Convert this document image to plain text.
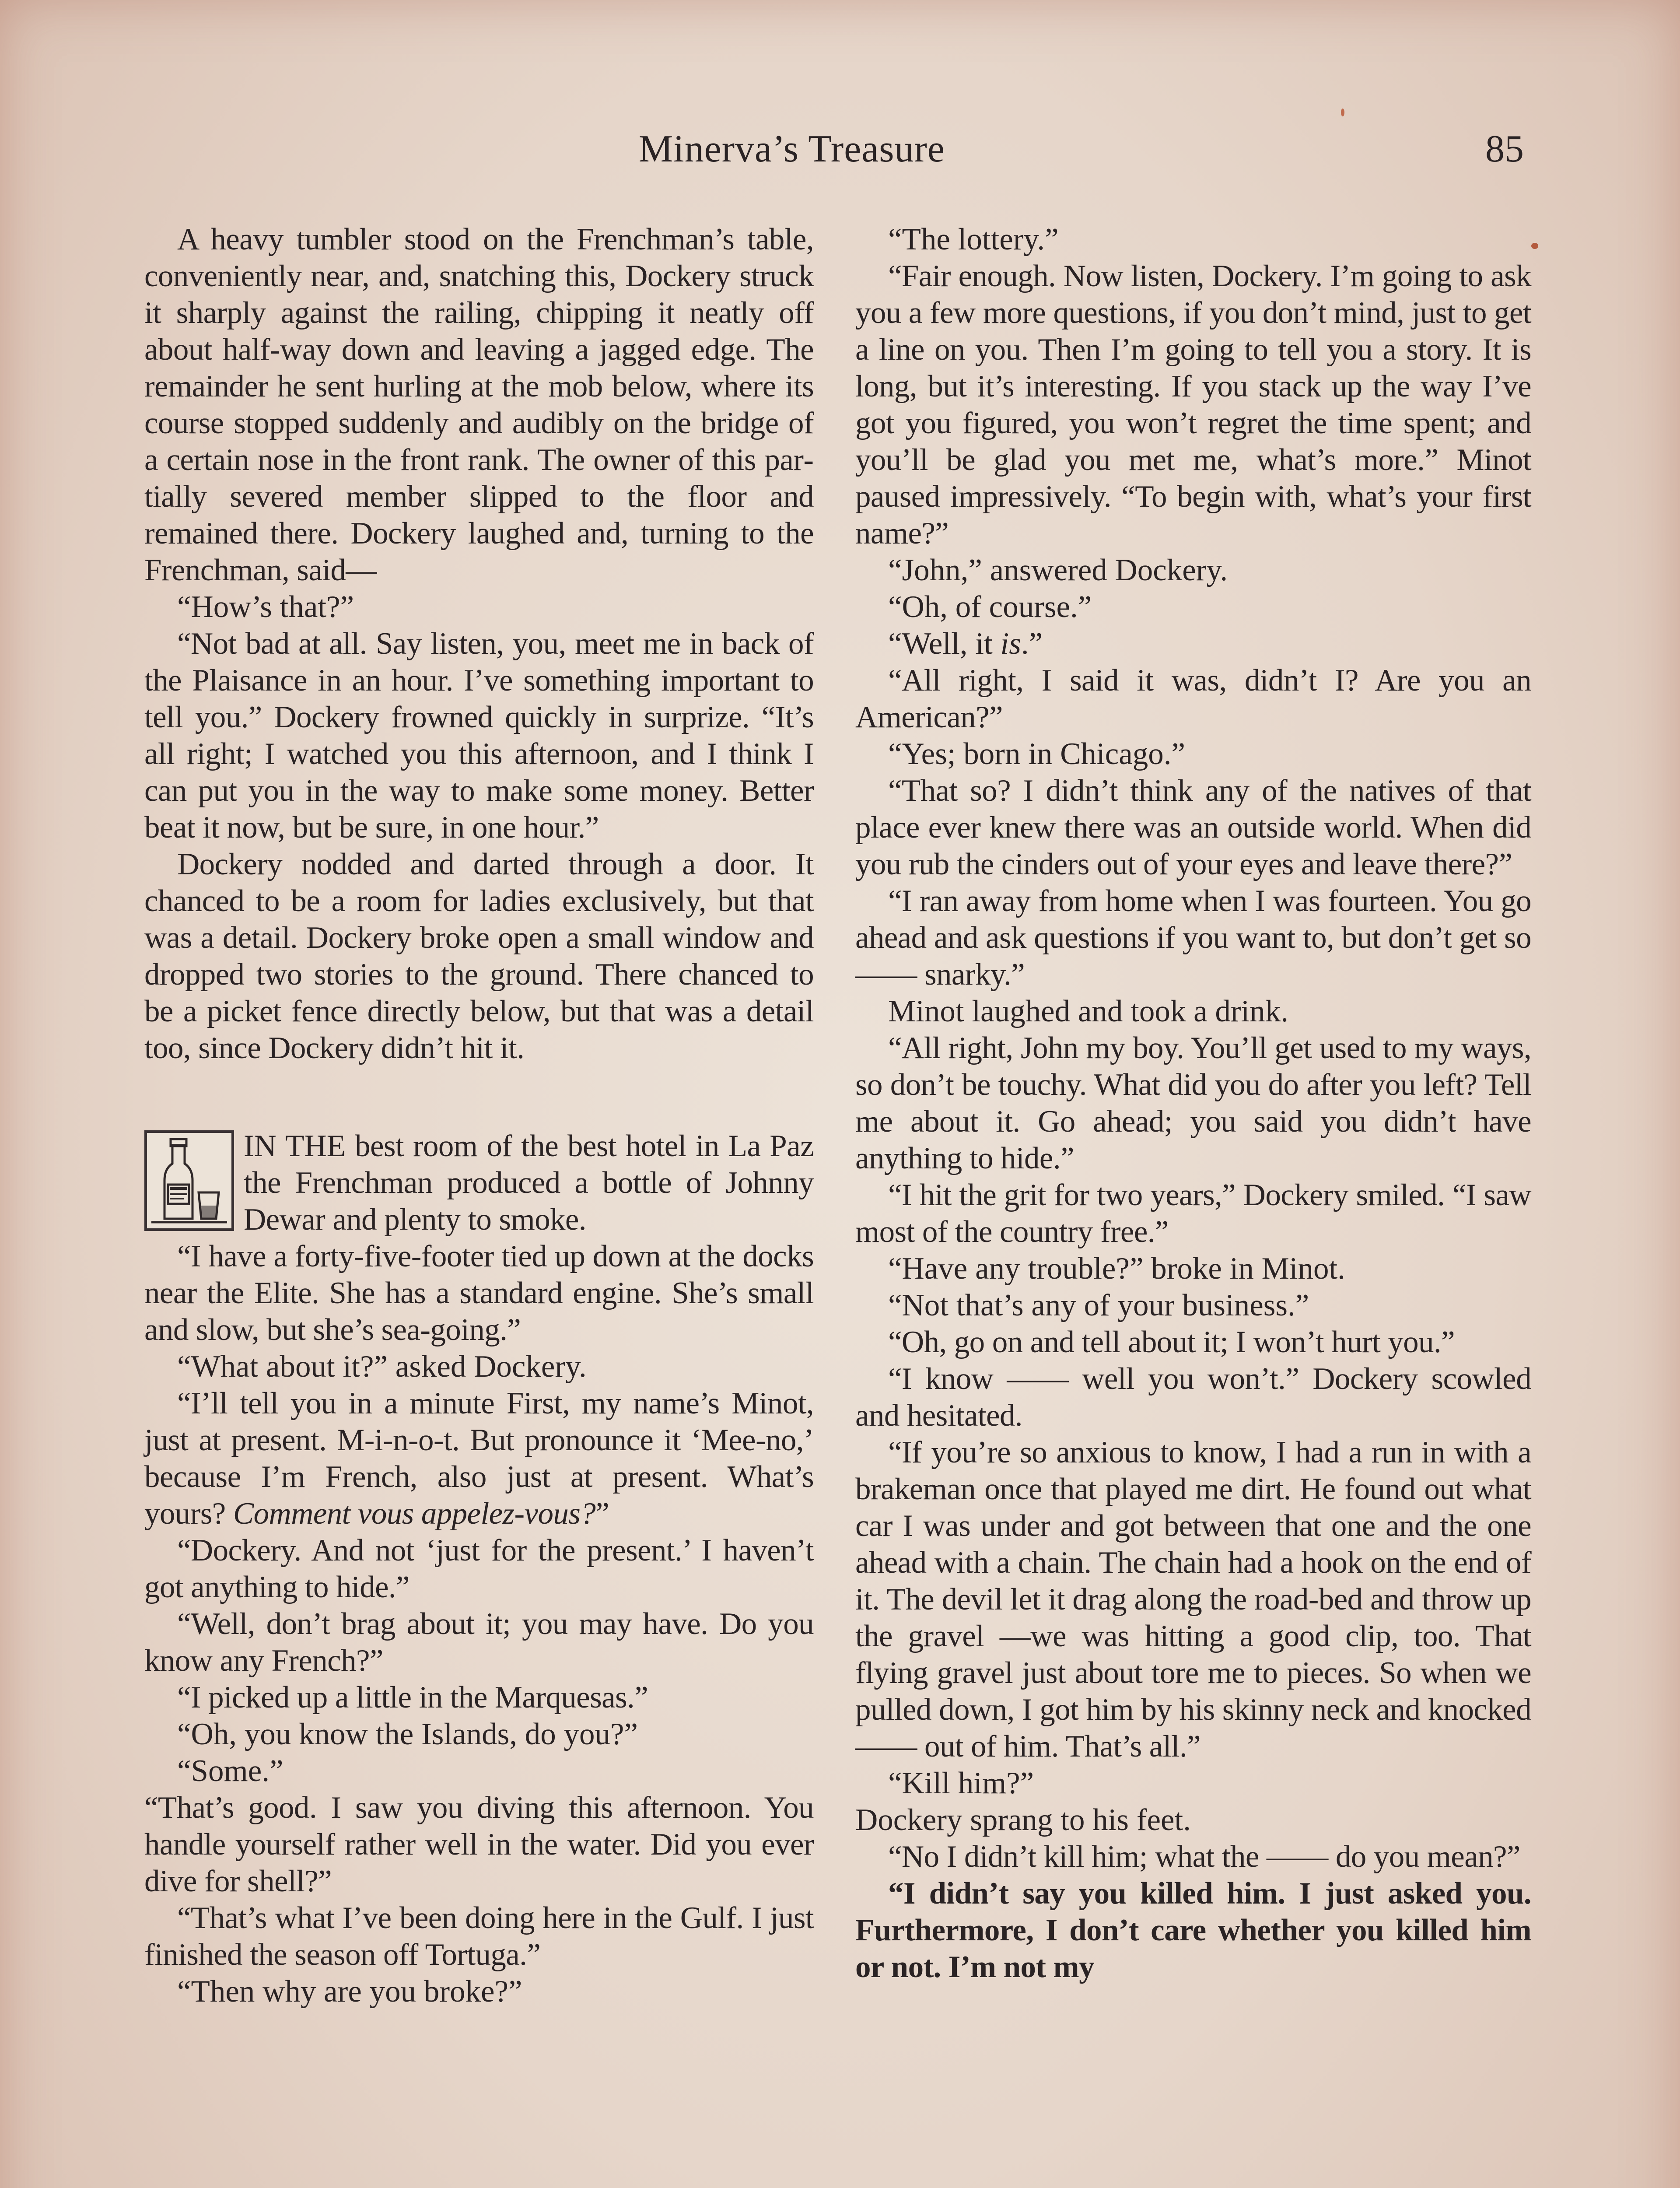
Minerva’s Treasure	85

A heavy tumbler stood on the Frenchman’s table, conveniently near, and, snatching this, Dockery struck it sharply against the railing, chipping it neatly off about half-way down and leaving a jagged edge. The remainder he sent hurling at the mob below, where its course stopped suddenly and audibly on the bridge of a certain nose in the front rank. The owner of this partially severed member slipped to the floor and remained there. Dockery laughed and, turning to the Frenchman, said—

“How’s that?”

“Not bad at all. Say listen, you, meet me in back of the Plaisance in an hour. I’ve something important to tell you.” Dockery frowned quickly in surprize. “It’s all right; I watched you this afternoon, and I think I can put you in the way to make some money. Better beat it now, but be sure, in one hour.”

Dockery nodded and darted through a door. It chanced to be a room for ladies exclusively, but that was a detail. Dockery broke open a small window and dropped two stories to the ground. There chanced to be a picket fence directly below, but that was a detail too, since Dockery didn’t hit it.

IN THE best room of the best hotel in La Paz the Frenchman produced a bottle of Johnny Dewar and plenty to smoke.

“I have a forty-five-footer tied up down at the docks near the Elite. She has a standard engine. She’s small and slow, but she’s sea-going.”

“What about it?” asked Dockery.

“I’ll tell you in a minute First, my name’s Minot, just at present. M-i-n-o-t. But pronounce it ‘Mee-no,’ because I’m French, also just at present. What’s yours? Comment vous appelez-vous?”

“Dockery. And not ‘just for the present.’ I haven’t got anything to hide.”

“Well, don’t brag about it; you may have. Do you know any French?”

“I picked up a little in the Marquesas.”

“Oh, you know the Islands, do you?”

“Some.”

“That’s good. I saw you diving this afternoon. You handle yourself rather well in the water. Did you ever dive for shell?”

“That’s what I’ve been doing here in the Gulf. I just finished the season off Tortuga.”

“Then why are you broke?”

“The lottery.”

“Fair enough. Now listen, Dockery. I’m going to ask you a few more questions, if you don’t mind, just to get a line on you. Then I’m going to tell you a story. It is long, but it’s interesting. If you stack up the way I’ve got you figured, you won’t regret the time spent; and you’ll be glad you met me, what’s more.” Minot paused impressively. “To begin with, what’s your first name?”

“John,” answered Dockery.

“Oh, of course.”

“Well, it is.”

“All right, I said it was, didn’t I? Are you an American?”

“Yes; born in Chicago.”

“That so? I didn’t think any of the natives of that place ever knew there was an outside world. When did you rub the cinders out of your eyes and leave there?”

“I ran away from home when I was fourteen. You go ahead and ask questions if you want to, but don’t get so —— snarky.”

Minot laughed and took a drink.

“All right, John my boy. You’ll get used to my ways, so don’t be touchy. What did you do after you left? Tell me about it. Go ahead; you said you didn’t have anything to hide.”

“I hit the grit for two years,” Dockery smiled. “I saw most of the country free.”

“Have any trouble?” broke in Minot.

“Not that’s any of your business.”

“Oh, go on and tell about it; I won’t hurt you.”

“I know —— well you won’t.” Dockery scowled and hesitated.

“If you’re so anxious to know, I had a run in with a brakeman once that played me dirt. He found out what car I was under and got between that one and the one ahead with a chain. The chain had a hook on the end of it. The devil let it drag along the road-bed and throw up the gravel —we was hitting a good clip, too. That flying gravel just about tore me to pieces. So when we pulled down, I got him by his skinny neck and knocked —— out of him. That’s all.”

“Kill him?”

Dockery sprang to his feet.

“No I didn’t kill him; what the —— do you mean?”

“I didn’t say you killed him. I just asked you. Furthermore, I don’t care whether you killed him or not. I’m not my
